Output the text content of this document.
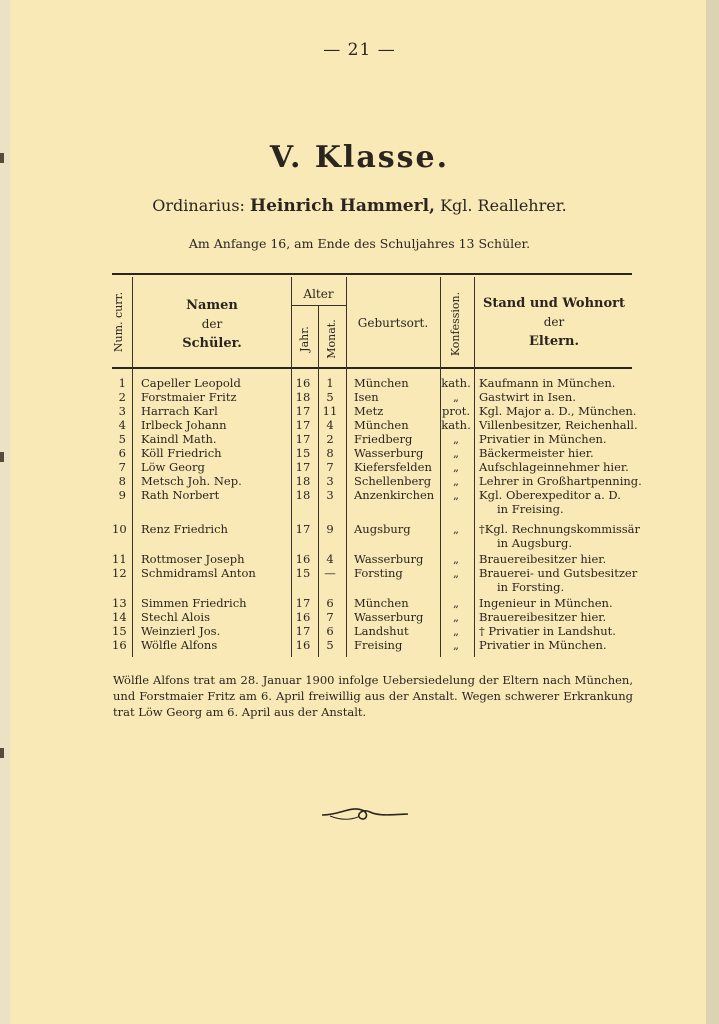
— 21 —
V. Klasse.
Ordinarius: Heinrich Hammerl, Kgl. Reallehrer.
Am Anfange 16, am Ende des Schuljahres 13 Schüler.
Num. curr.	Namen
der
Schüler.
Alter
Jahr. Monat.	Geburtsort.	Konfession.	Stand und Wohnort
der
Eltern.
1 Capeller Leopold	16	1	München	kath. Kaufmann in München.
2 Forstmaier Fritz	18	5	Isen	„	Gastwirt in Isen.
3 Harrach Karl	17	11	Metz	prot. Kgl. Major a. D., München.
4 Irlbeck Johann	17	4	München	kath. Villenbesitzer, Reichenhall.
5 Kaindl Math.	17	2	Friedberg	„	Privatier in München.
6 Köll Friedrich	15	8	Wasserburg	„	Bäckermeister hier.
7 Löw Georg	17	7	Kiefersfelden	„	Aufschlageinnehmer hier.
8 Metsch Joh. Nep.	18	3	Schellenberg	„	Lehrer in Großhartpenning.
9 Rath Norbert	18	3	Anzenkirchen	„	Kgl. Oberexpeditor a. D.
in Freising.
10 Renz Friedrich	17	9	Augsburg	„	†Kgl. Rechnungskommissär
in Augsburg.
11 Rottmoser Joseph	16	4	Wasserburg	„	Brauereibesitzer hier.
12 Schmidramsl Anton	15	—	Forsting	„	Brauerei- und Gutsbesitzer
in Forsting.
13 Simmen Friedrich	17	6	München	„	Ingenieur in München.
14 Stechl Alois	16	7	Wasserburg	„	Brauereibesitzer hier.
15 Weinzierl Jos.	17	6	Landshut	„	† Privatier in Landshut.
16 Wölfle Alfons	16	5	Freising	„	Privatier in München.
Wölfle Alfons trat am 28. Januar 1900 infolge Uebersiedelung der Eltern nach München, und Forstmaier Fritz am 6. April freiwillig aus der Anstalt. Wegen schwerer Erkrankung trat Löw Georg am 6. April aus der Anstalt.
